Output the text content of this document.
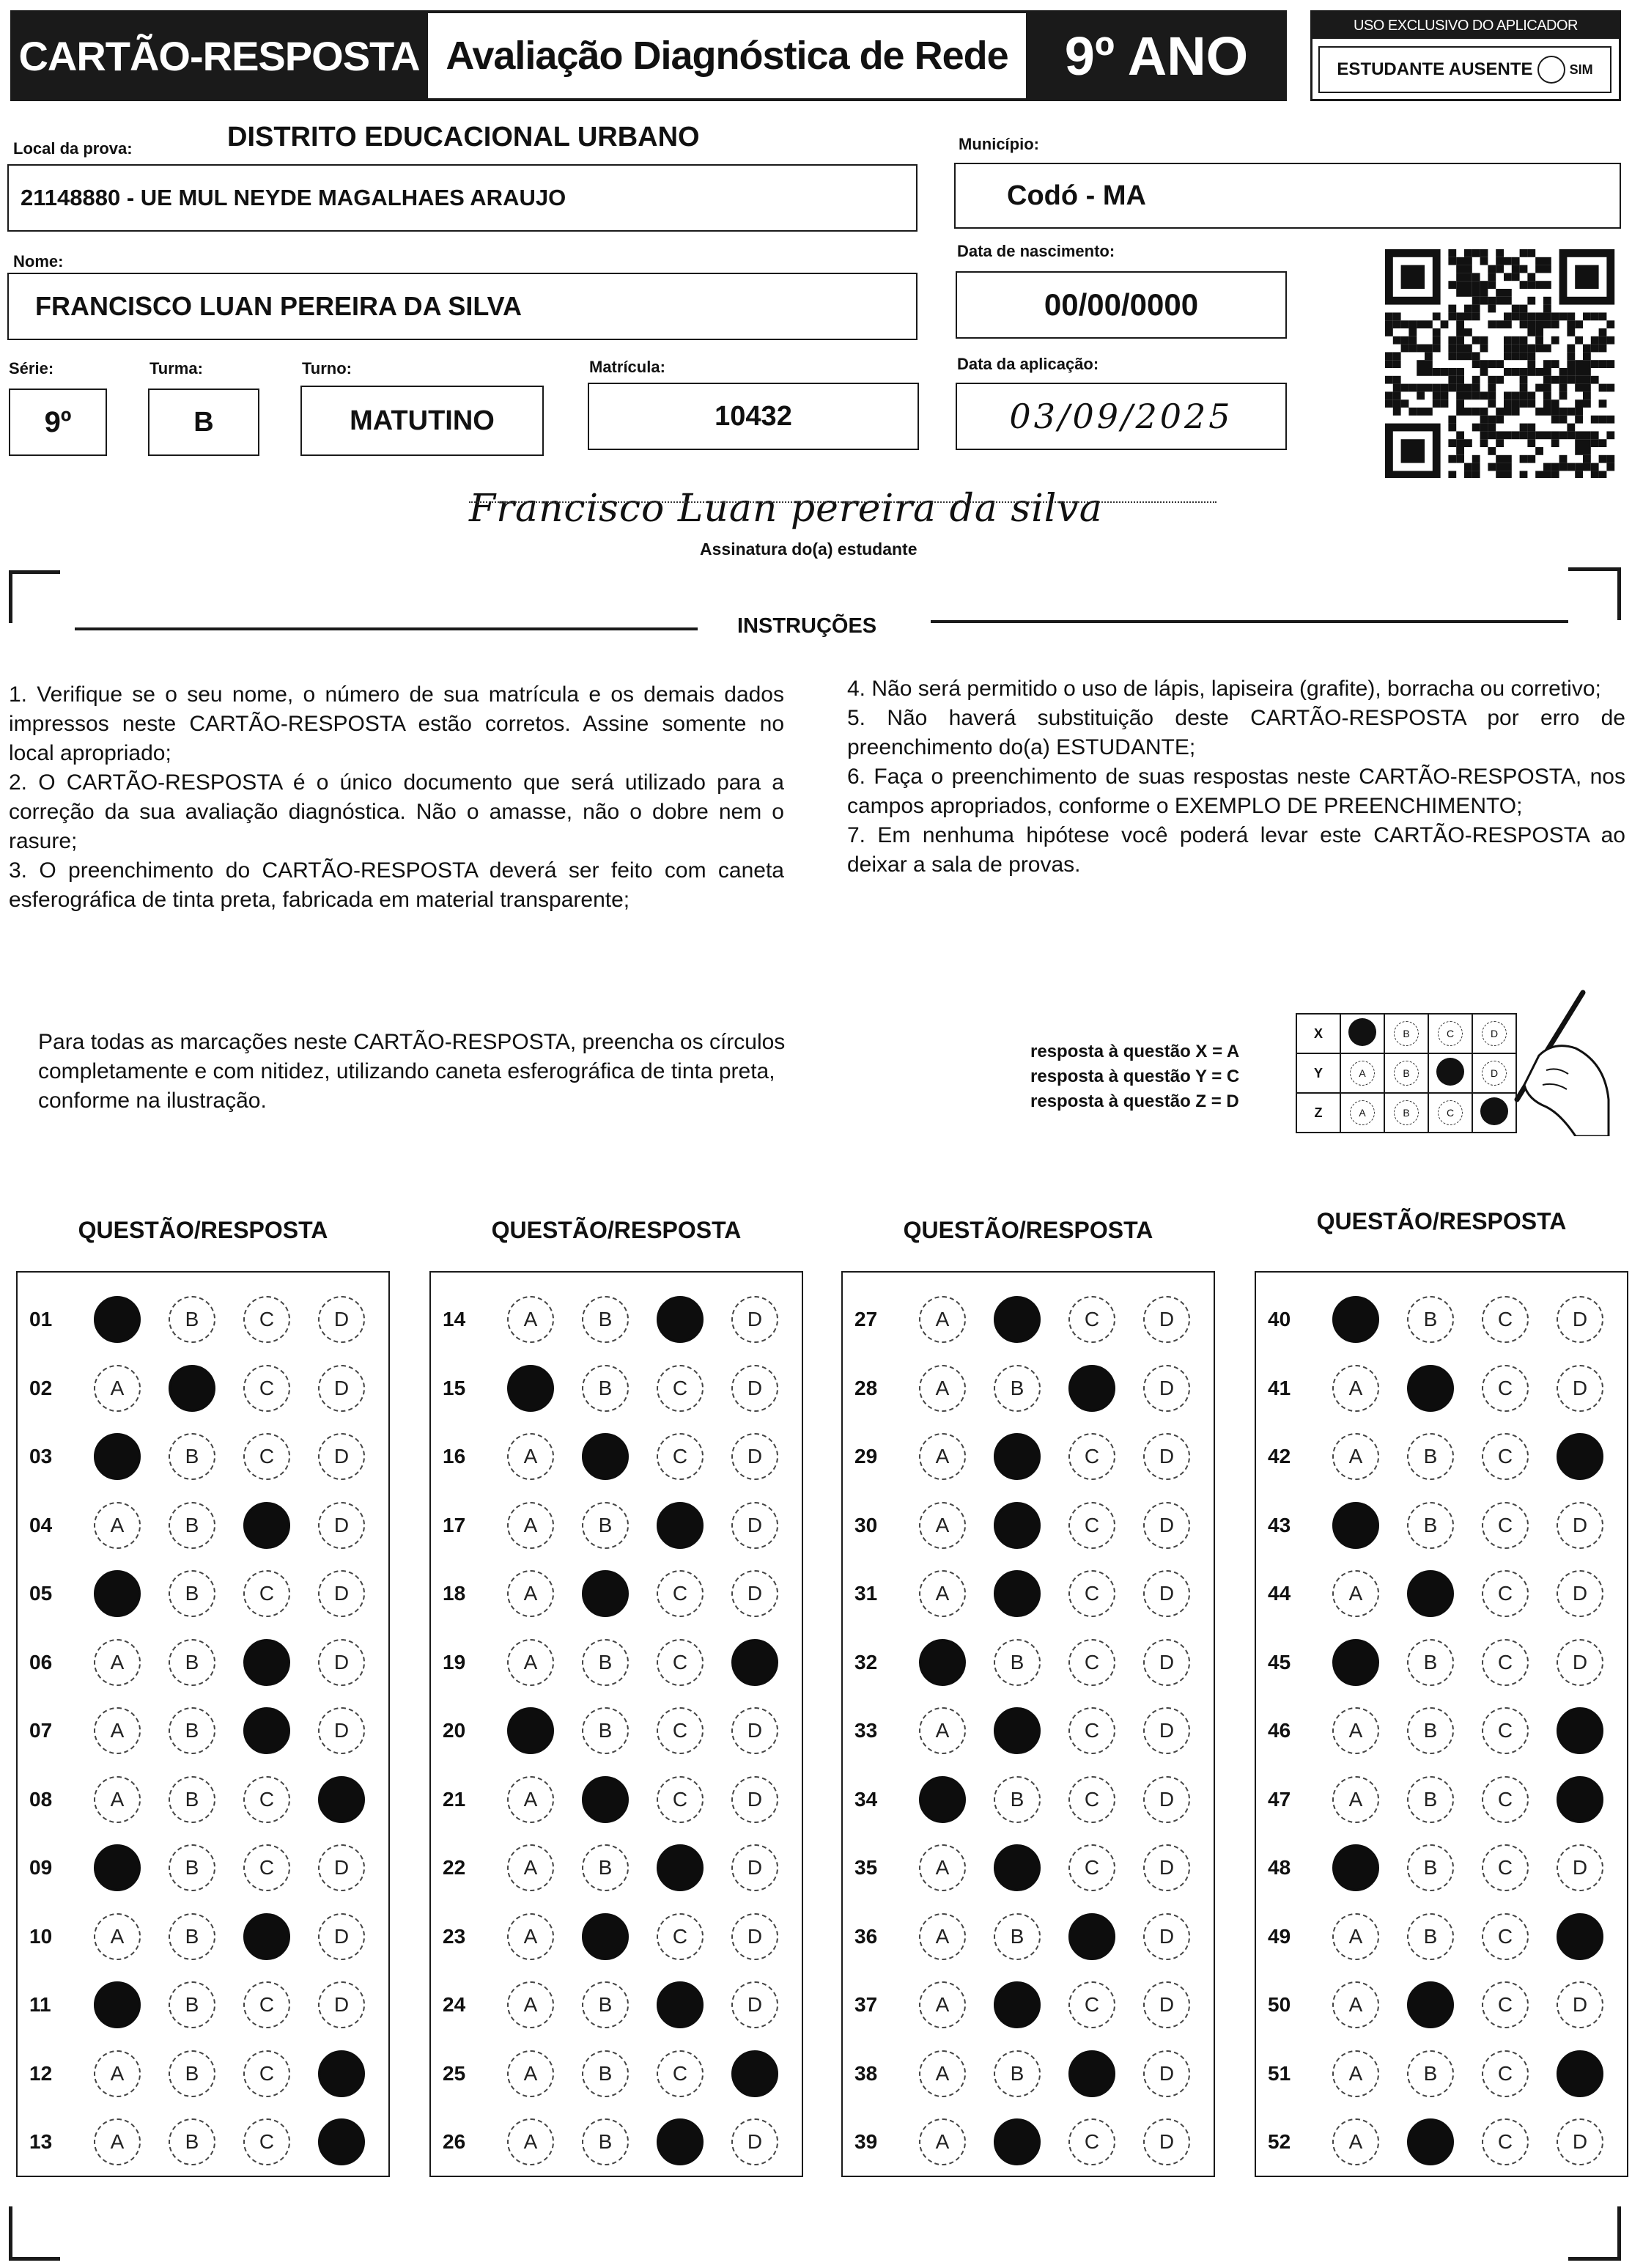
CARTÃO-RESPOSTA Avaliação Diagnóstica de Rede	9º ANO	USO EXCLUSIVO DO APLICADOR
ESTUDANTE AUSENTE	SIM
Local da prova:	DISTRITO EDUCACIONAL URBANO
21148880 - UE MUL NEYDE MAGALHAES ARAUJO
Município:
Codó - MA
Nome:
FRANCISCO LUAN PEREIRA DA SILVA
Data de nascimento:
00/00/0000
Série:
9º
Turma:
B
Turno:
MATUTINO
Matrícula:
10432
Data da aplicação:
03/09/2025
Francisco Luan pereira da silva
Assinatura do(a) estudante
INSTRUÇÕES

1. Verifique se o seu nome, o número de sua matrícula e os demais dados impressos neste CARTÃO-RESPOSTA estão corretos. Assine somente no local apropriado;

2. O CARTÃO-RESPOSTA é o único documento que será utilizado para a correção da sua avaliação diagnóstica. Não o amasse, não o dobre nem o rasure;

3. O preenchimento do CARTÃO-RESPOSTA deverá ser feito com caneta esferográfica de tinta preta, fabricada em material transparente;

4. Não será permitido o uso de lápis, lapiseira (grafite), borracha ou corretivo;

5. Não haverá substituição deste CARTÃO-RESPOSTA por erro de preenchimento do(a) ESTUDANTE;

6. Faça o preenchimento de suas respostas neste CARTÃO-RESPOSTA, nos campos apropriados, conforme o EXEMPLO DE PREENCHIMENTO;

7. Em nenhuma hipótese você poderá levar este CARTÃO-RESPOSTA ao deixar a sala de provas.

Para todas as marcações neste CARTÃO-RESPOSTA, preencha os círculos completamente e com nitidez, utilizando caneta esferográfica de tinta preta, conforme na ilustração.
resposta à questão X = A
resposta à questão Y = C
resposta à questão Z = D
X		B	C	D
Y	A	B		D
Z	A	B	C	
QUESTÃO/RESPOSTA
01	B	C	D
02	A	C	D
03	B	C	D
04	A	B	D
05	B	C	D
06	A	B	D
07	A	B	D
08	A	B	C
09	B	C	D
10	A	B	D
11	B	C	D
12	A	B	C
13	A	B	C
QUESTÃO/RESPOSTA
14	A	B	D
15	B	C	D
16	A	C	D
17	A	B	D
18	A	C	D
19	A	B	C
20	B	C	D
21	A	C	D
22	A	B	D
23	A	C	D
24	A	B	D
25	A	B	C
26	A	B	D
QUESTÃO/RESPOSTA
27	A	C	D
28	A	B	D
29	A	C	D
30	A	C	D
31	A	C	D
32	B	C	D
33	A	C	D
34	B	C	D
35	A	C	D
36	A	B	D
37	A	C	D
38	A	B	D
39	A	C	D
QUESTÃO/RESPOSTA
40	B	C	D
41	A	C	D
42	A	B	C
43	B	C	D
44	A	C	D
45	B	C	D
46	A	B	C
47	A	B	C
48	B	C	D
49	A	B	C
50	A	C	D
51	A	B	C
52	A	C	D
